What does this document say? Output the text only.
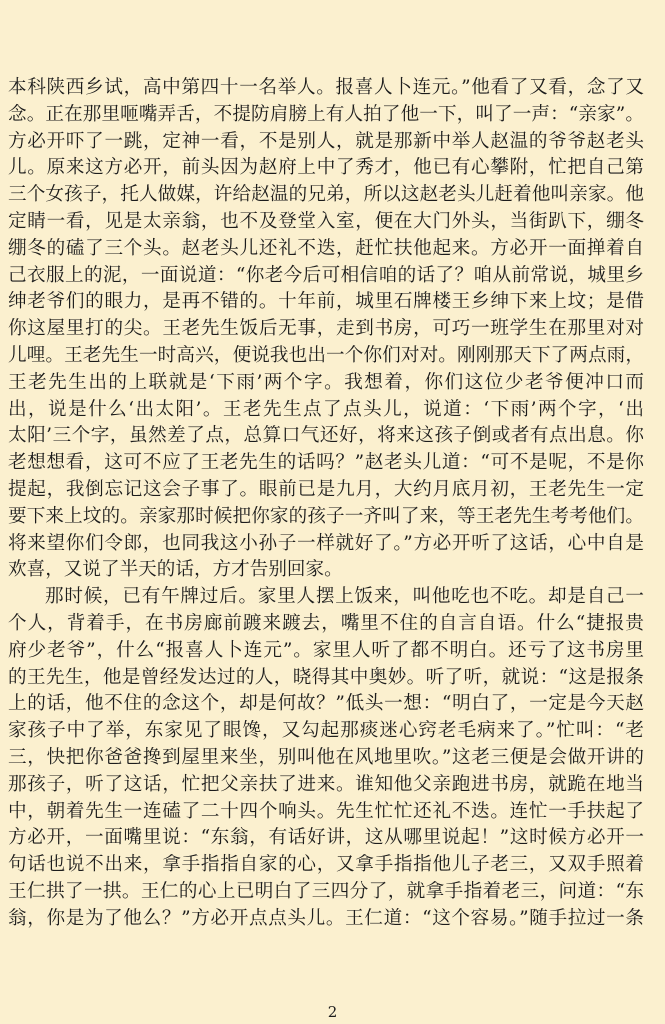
本科陕西乡试，高中第四十一名举人。报喜人卜连元。”他看了又看，念了又
念。正在那里咂嘴弄舌，不提防肩膀上有人拍了他一下，叫了一声：“亲家”。
方必开吓了一跳，定神一看，不是别人，就是那新中举人赵温的爷爷赵老头
儿。原来这方必开，前头因为赵府上中了秀才，他已有心攀附，忙把自己第
三个女孩子，托人做媒，许给赵温的兄弟，所以这赵老头儿赶着他叫亲家。他
定睛一看，见是太亲翁，也不及登堂入室，便在大门外头，当街趴下，绷冬
绷冬的磕了三个头。赵老头儿还礼不迭，赶忙扶他起来。方必开一面掸着自
己衣服上的泥，一面说道：“你老今后可相信咱的话了？咱从前常说，城里乡
绅老爷们的眼力，是再不错的。十年前，城里石牌楼王乡绅下来上坟；是借
你这屋里打的尖。王老先生饭后无事，走到书房，可巧一班学生在那里对对
儿哩。王老先生一时高兴，便说我也出一个你们对对。刚刚那天下了两点雨，
王老先生出的上联就是‘下雨’两个字。我想着，你们这位少老爷便冲口而
出，说是什么‘出太阳’。王老先生点了点头儿，说道：‘下雨’两个字，‘出
太阳’三个字，虽然差了点，总算口气还好，将来这孩子倒或者有点出息。你
老想想看，这可不应了王老先生的话吗？”赵老头儿道：“可不是呢，不是你
提起，我倒忘记这会子事了。眼前已是九月，大约月底月初，王老先生一定
要下来上坟的。亲家那时候把你家的孩子一齐叫了来，等王老先生考考他们。
将来望你们令郎，也同我这小孙子一样就好了。”方必开听了这话，心中自是
欢喜，又说了半天的话，方才告别回家。
那时候，已有午牌过后。家里人摆上饭来，叫他吃也不吃。却是自己一
个人，背着手，在书房廊前踱来踱去，嘴里不住的自言自语。什么“捷报贵
府少老爷”，什么“报喜人卜连元”。家里人听了都不明白。还亏了这书房里
的王先生，他是曾经发达过的人，晓得其中奥妙。听了听，就说：“这是报条
上的话，他不住的念这个，却是何故？”低头一想：“明白了，一定是今天赵
家孩子中了举，东家见了眼馋，又勾起那痰迷心窍老毛病来了。”忙叫：“老
三，快把你爸爸搀到屋里来坐，别叫他在风地里吹。”这老三便是会做开讲的
那孩子，听了这话，忙把父亲扶了进来。谁知他父亲跑进书房，就跪在地当
中，朝着先生一连磕了二十四个响头。先生忙忙还礼不迭。连忙一手扶起了
方必开，一面嘴里说：“东翁，有话好讲，这从哪里说起！”这时候方必开一
句话也说不出来，拿手指指自家的心，又拿手指指他儿子老三，又双手照着
王仁拱了一拱。王仁的心上已明白了三四分了，就拿手指着老三，问道：“东
翁，你是为了他么？”方必开点点头儿。王仁道：“这个容易。”随手拉过一条
2
